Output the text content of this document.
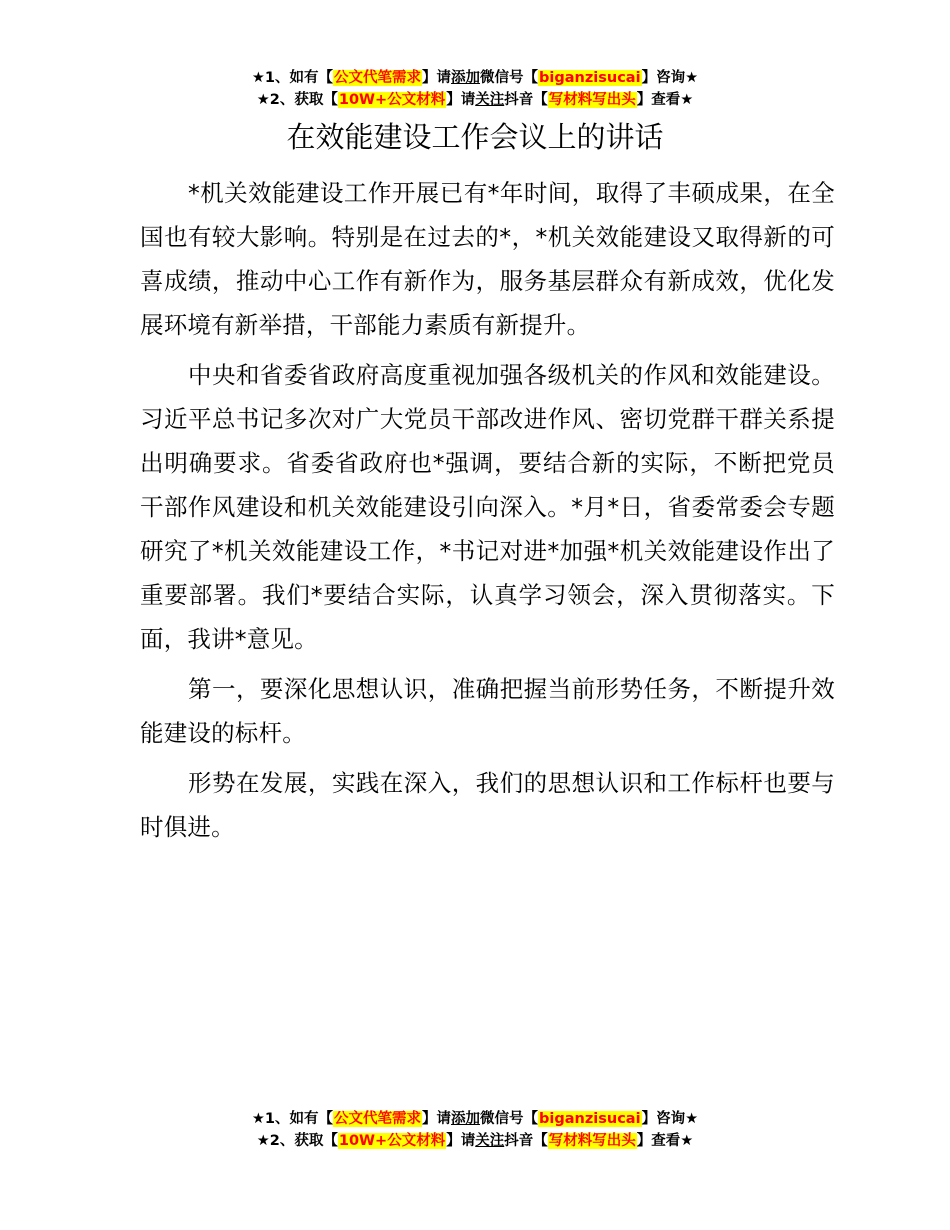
★1、如有【公文代笔需求】请添加微信号【biganzisucai】咨询★
★2、获取【10W+公文材料】请关注抖音【写材料写出头】查看★
在效能建设工作会议上的讲话

*机关效能建设工作开展已有*年时间，取得了丰硕成果，在全国也有较大影响。特别是在过去的*，*机关效能建设又取得新的可喜成绩，推动中心工作有新作为，服务基层群众有新成效，优化发展环境有新举措，干部能力素质有新提升。

中央和省委省政府高度重视加强各级机关的作风和效能建设。习近平总书记多次对广大党员干部改进作风、密切党群干群关系提出明确要求。省委省政府也*强调，要结合新的实际，不断把党员干部作风建设和机关效能建设引向深入。*月*日，省委常委会专题研究了*机关效能建设工作，*书记对进*加强*机关效能建设作出了重要部署。我们*要结合实际，认真学习领会，深入贯彻落实。下面，我讲*意见。

第一，要深化思想认识，准确把握当前形势任务，不断提升效能建设的标杆。

形势在发展，实践在深入，我们的思想认识和工作标杆也要与时俱进。

★1、如有【公文代笔需求】请添加微信号【biganzisucai】咨询★
★2、获取【10W+公文材料】请关注抖音【写材料写出头】查看★
